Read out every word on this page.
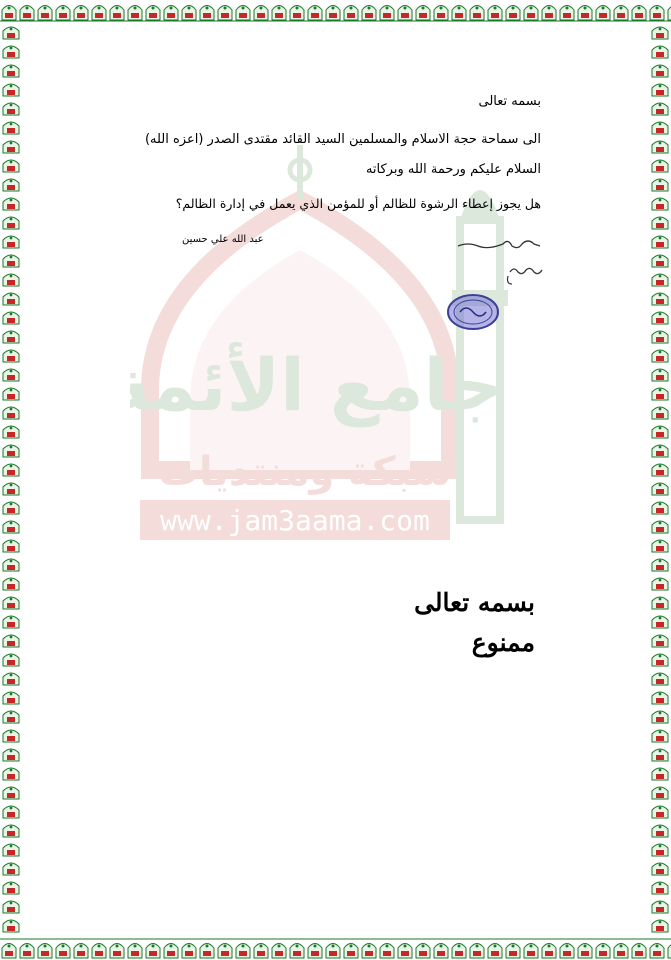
جامع الأئمة
شبكة ومنتديات
www.jam3aama.com
بسمه تعالى
الى سماحة حجة الاسلام والمسلمين السيد القائد مقتدى الصدر (اعزه الله)
السلام عليكم ورحمة الله وبركاته
هل يجوز إعطاء الرشوة للظالم أو للمؤمن الذي يعمل في إدارة الظالم؟
عبد الله علي حسين
بسمه تعالى
ممنوع
